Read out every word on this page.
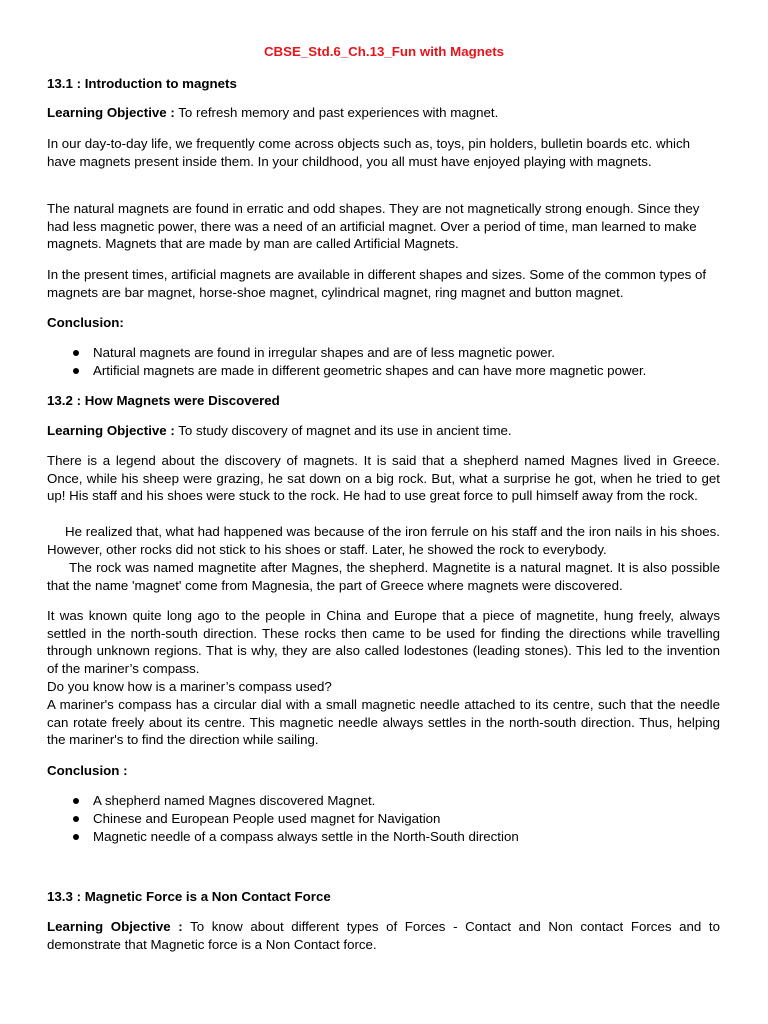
CBSE_Std.6_Ch.13_Fun with Magnets
13.1 : Introduction to magnets
Learning Objective : To refresh memory and past experiences with magnet.

In our day-to-day life, we frequently come across objects such as, toys, pin holders, bulletin boards etc. which have magnets present inside them. In your childhood, you all must have enjoyed playing with magnets.

The natural magnets are found in erratic and odd shapes. They are not magnetically strong enough. Since they had less magnetic power, there was a need of an artificial magnet. Over a period of time, man learned to make magnets. Magnets that are made by man are called Artificial Magnets.

In the present times, artificial magnets are available in different shapes and sizes. Some of the common types of magnets are bar magnet, horse-shoe magnet, cylindrical magnet, ring magnet and button magnet.

Conclusion:
Natural magnets are found in irregular shapes and are of less magnetic power.
Artificial magnets are made in different geometric shapes and can have more magnetic power.
13.2 : How Magnets were Discovered
Learning Objective : To study discovery of magnet and its use in ancient time.

There is a legend about the discovery of magnets. It is said that a shepherd named Magnes lived in Greece. Once, while his sheep were grazing, he sat down on a big rock. But, what a surprise he got, when he tried to get up! His staff and his shoes were stuck to the rock. He had to use great force to pull himself away from the rock.

He realized that, what had happened was because of the iron ferrule on his staff and the iron nails in his shoes. However, other rocks did not stick to his shoes or staff. Later, he showed the rock to everybody.

The rock was named magnetite after Magnes, the shepherd. Magnetite is a natural magnet. It is also possible that the name 'magnet' come from Magnesia, the part of Greece where magnets were discovered.

It was known quite long ago to the people in China and Europe that a piece of magnetite, hung freely, always settled in the north-south direction. These rocks then came to be used for finding the directions while travelling through unknown regions. That is why, they are also called lodestones (leading stones). This led to the invention of the mariner’s compass.

Do you know how is a mariner’s compass used?

A mariner's compass has a circular dial with a small magnetic needle attached to its centre, such that the needle can rotate freely about its centre. This magnetic needle always settles in the north-south direction. Thus, helping the mariner's to find the direction while sailing.

Conclusion :
A shepherd named Magnes discovered Magnet.
Chinese and European People used magnet for Navigation
Magnetic needle of a compass always settle in the North-South direction
13.3 : Magnetic Force is a Non Contact Force

Learning Objective : To know about different types of Forces - Contact and Non contact Forces and to demonstrate that Magnetic force is a Non Contact force.
